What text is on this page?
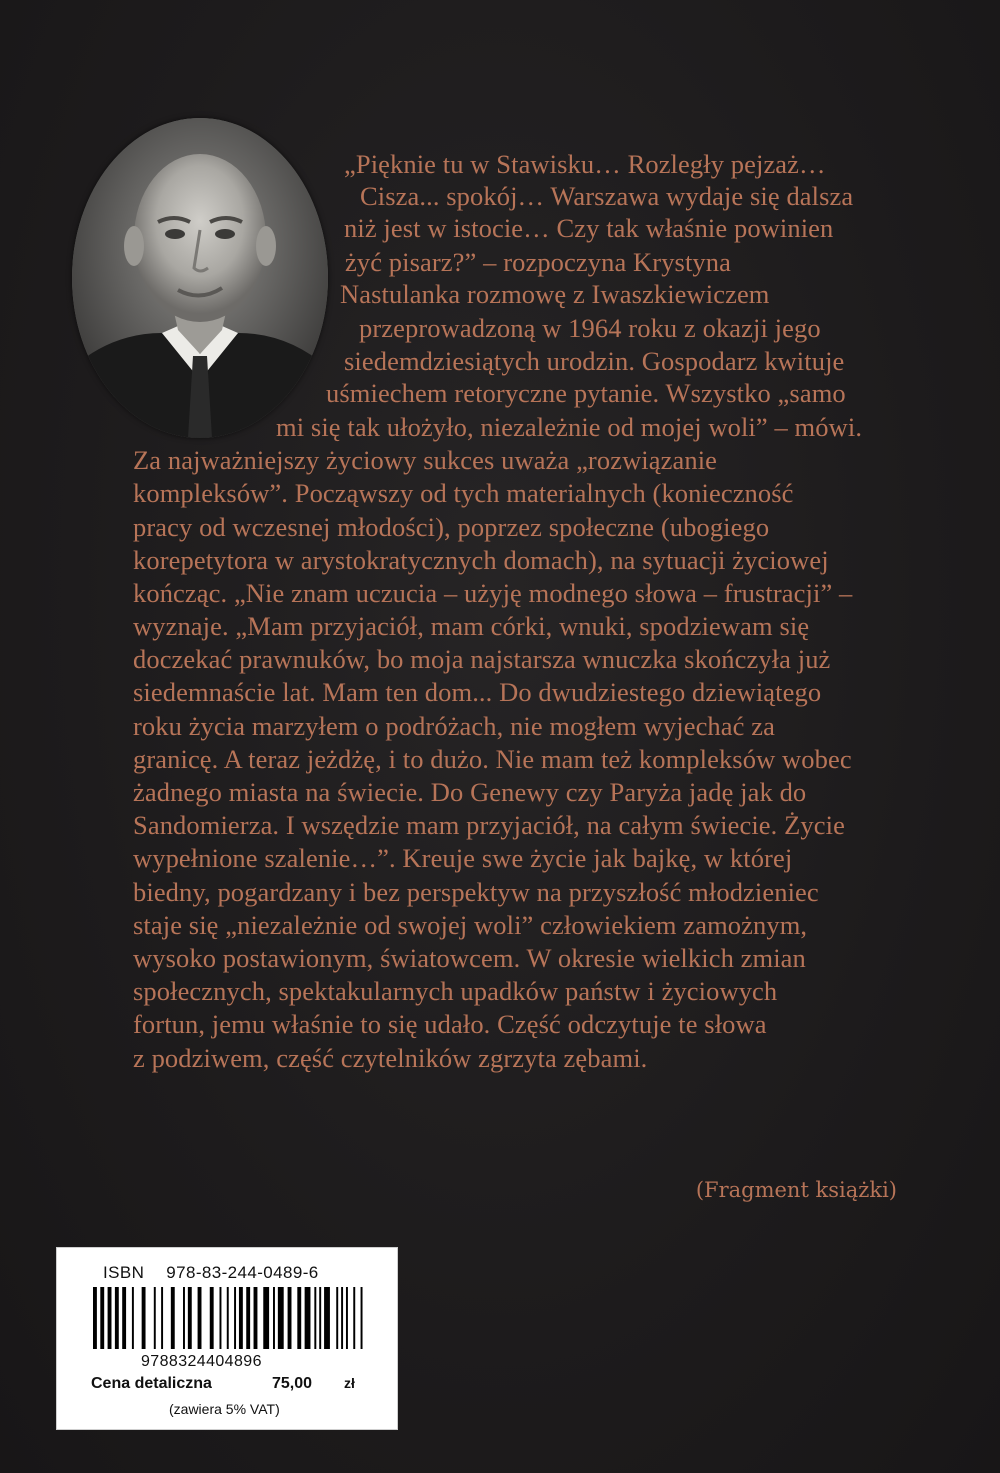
„Pięknie tu w Stawisku… Rozległy pejzaż…
Cisza... spokój… Warszawa wydaje się dalsza
niż jest w istocie… Czy tak właśnie powinien
żyć pisarz?” – rozpoczyna Krystyna
Nastulanka rozmowę z Iwaszkiewiczem
przeprowadzoną w 1964 roku z okazji jego
siedemdziesiątych urodzin. Gospodarz kwituje
uśmiechem retoryczne pytanie. Wszystko „samo
mi się tak ułożyło, niezależnie od mojej woli” – mówi.
Za najważniejszy życiowy sukces uważa „rozwiązanie
kompleksów”. Począwszy od tych materialnych (konieczność
pracy od wczesnej młodości), poprzez społeczne (ubogiego
korepetytora w arystokratycznych domach), na sytuacji życiowej
kończąc. „Nie znam uczucia – użyję modnego słowa – frustracji” –
wyznaje. „Mam przyjaciół, mam córki, wnuki, spodziewam się
doczekać prawnuków, bo moja najstarsza wnuczka skończyła już
siedemnaście lat. Mam ten dom... Do dwudziestego dziewiątego
roku życia marzyłem o podróżach, nie mogłem wyjechać za
granicę. A teraz jeżdżę, i to dużo. Nie mam też kompleksów wobec
żadnego miasta na świecie. Do Genewy czy Paryża jadę jak do
Sandomierza. I wszędzie mam przyjaciół, na całym świecie. Życie
wypełnione szalenie…”. Kreuje swe życie jak bajkę, w której
biedny, pogardzany i bez perspektyw na przyszłość młodzieniec
staje się „niezależnie od swojej woli” człowiekiem zamożnym,
wysoko postawionym, światowcem. W okresie wielkich zmian
społecznych, spektakularnych upadków państw i życiowych
fortun, jemu właśnie to się udało. Część odczytuje te słowa
z podziwem, część czytelników zgrzyta zębami.
(Fragment książki)
ISBN 978-83-244-0489-6
9788324404896
Cena detaliczna	75,00 zł
(zawiera 5% VAT)
